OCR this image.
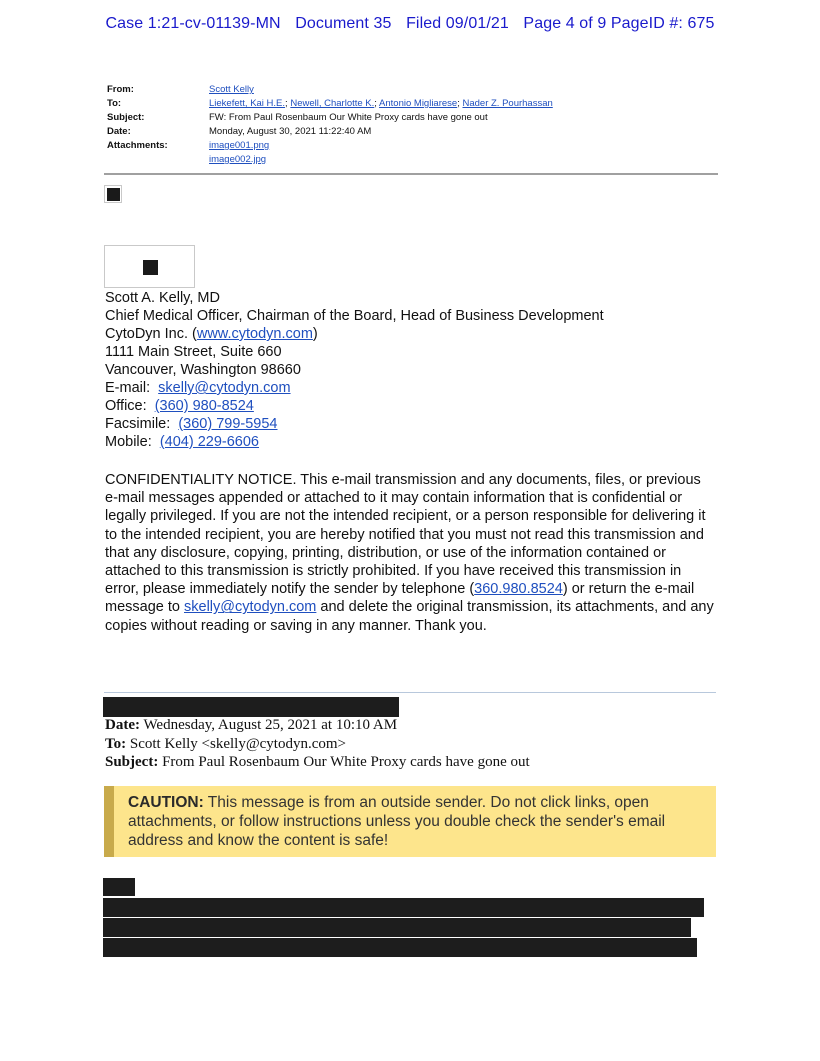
Case 1:21-cv-01139-MN Document 35 Filed 09/01/21 Page 4 of 9 PageID #: 675
From:	Scott Kelly
To:	Liekefett, Kai H.E.; Newell, Charlotte K.; Antonio Migliarese; Nader Z. Pourhassan
Subject:	FW: From Paul Rosenbaum Our White Proxy cards have gone out
Date:	Monday, August 30, 2021 11:22:40 AM
Attachments:	image001.png
image002.jpg
Scott A. Kelly, MD
Chief Medical Officer, Chairman of the Board, Head of Business Development
CytoDyn Inc. (www.cytodyn.com)
1111 Main Street, Suite 660
Vancouver, Washington 98660
E-mail:  skelly@cytodyn.com
Office:  (360) 980-8524
Facsimile:  (360) 799-5954
Mobile:  (404) 229-6606

CONFIDENTIALITY NOTICE. This e-mail transmission and any documents, files, or previous e-mail messages appended or attached to it may contain information that is confidential or legally privileged. If you are not the intended recipient, or a person responsible for delivering it to the intended recipient, you are hereby notified that you must not read this transmission and that any disclosure, copying, printing, distribution, or use of the information contained or attached to this transmission is strictly prohibited. If you have received this transmission in error, please immediately notify the sender by telephone (360.980.8524) or return the e-mail message to skelly@cytodyn.com and delete the original transmission, its attachments, and any copies without reading or saving in any manner. Thank you.

Date: Wednesday, August 25, 2021 at 10:10 AM
To: Scott Kelly <skelly@cytodyn.com>
Subject: From Paul Rosenbaum Our White Proxy cards have gone out
CAUTION: This message is from an outside sender. Do not click links, open attachments, or follow instructions unless you double check the sender's email address and know the content is safe!
